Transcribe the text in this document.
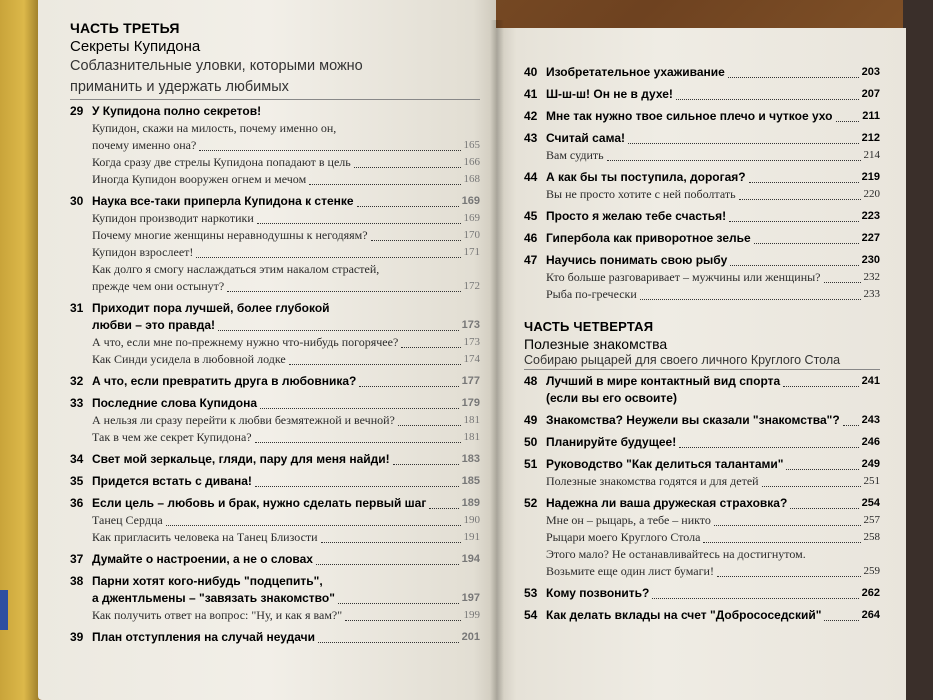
ЧАСТЬ ТРЕТЬЯ
Секреты Купидона
Соблазнительные уловки, которыми можно
приманить и удержать любимых
29 У Купидона полно секретов!
Купидон, скажи на милость, почему именно он,
почему именно она?	165
Когда сразу две стрелы Купидона попадают в цель	166
Иногда Купидон вооружен огнем и мечом	168
30 Наука все-таки приперла Купидона к стенке	169
Купидон производит наркотики	169
Почему многие женщины неравнодушны к негодяям?	170
Купидон взрослеет!	171
Как долго я смогу наслаждаться этим накалом страстей,
прежде чем они остынут?	172
31 Приходит пора лучшей, более глубокой
любви – это правда!	173
А что, если мне по-прежнему нужно что-нибудь погорячее?	173
Как Синди усидела в любовной лодке	174
32 А что, если превратить друга в любовника?	177
33 Последние слова Купидона	179
А нельзя ли сразу перейти к любви безмятежной и вечной?	181
Так в чем же секрет Купидона?	181
34 Свет мой зеркальце, гляди, пару для меня найди!	183
35 Придется встать с дивана!	185
36 Если цель – любовь и брак, нужно сделать первый шаг	189
Танец Сердца	190
Как пригласить человека на Танец Близости	191
37 Думайте о настроении, а не о словах	194
38 Парни хотят кого-нибудь "подцепить",
а джентльмены – "завязать знакомство"	197
Как получить ответ на вопрос: "Ну, и как я вам?"	199
39 План отступления на случай неудачи	201
40 Изобретательное ухаживание	203
41 Ш-ш-ш! Он не в духе!	207
42 Мне так нужно твое сильное плечо и чуткое ухо	211
43 Считай сама!	212
Вам судить	214
44 А как бы ты поступила, дорогая?	219
Вы не просто хотите с ней поболтать	220
45 Просто я желаю тебе счастья!	223
46 Гипербола как приворотное зелье	227
47 Научись понимать свою рыбу	230
Кто больше разговаривает – мужчины или женщины?	232
Рыба по-гречески	233
ЧАСТЬ ЧЕТВЕРТАЯ
Полезные знакомства
Собираю рыцарей для своего личного Круглого Стола
48 Лучший в мире контактный вид спорта	241
(если вы его освоите)
49 Знакомства? Неужели вы сказали "знакомства"? 243
50 Планируйте будущее!	246
51 Руководство "Как делиться талантами"	249
Полезные знакомства годятся и для детей	251
52 Надежна ли ваша дружеская страховка?	254
Мне он – рыцарь, а тебе – никто	257
Рыцари моего Круглого Стола	258
Этого мало? Не останавливайтесь на достигнутом.
Возьмите еще один лист бумаги!	259
53 Кому позвонить?	262
54 Как делать вклады на счет "Добрососедский"	264
